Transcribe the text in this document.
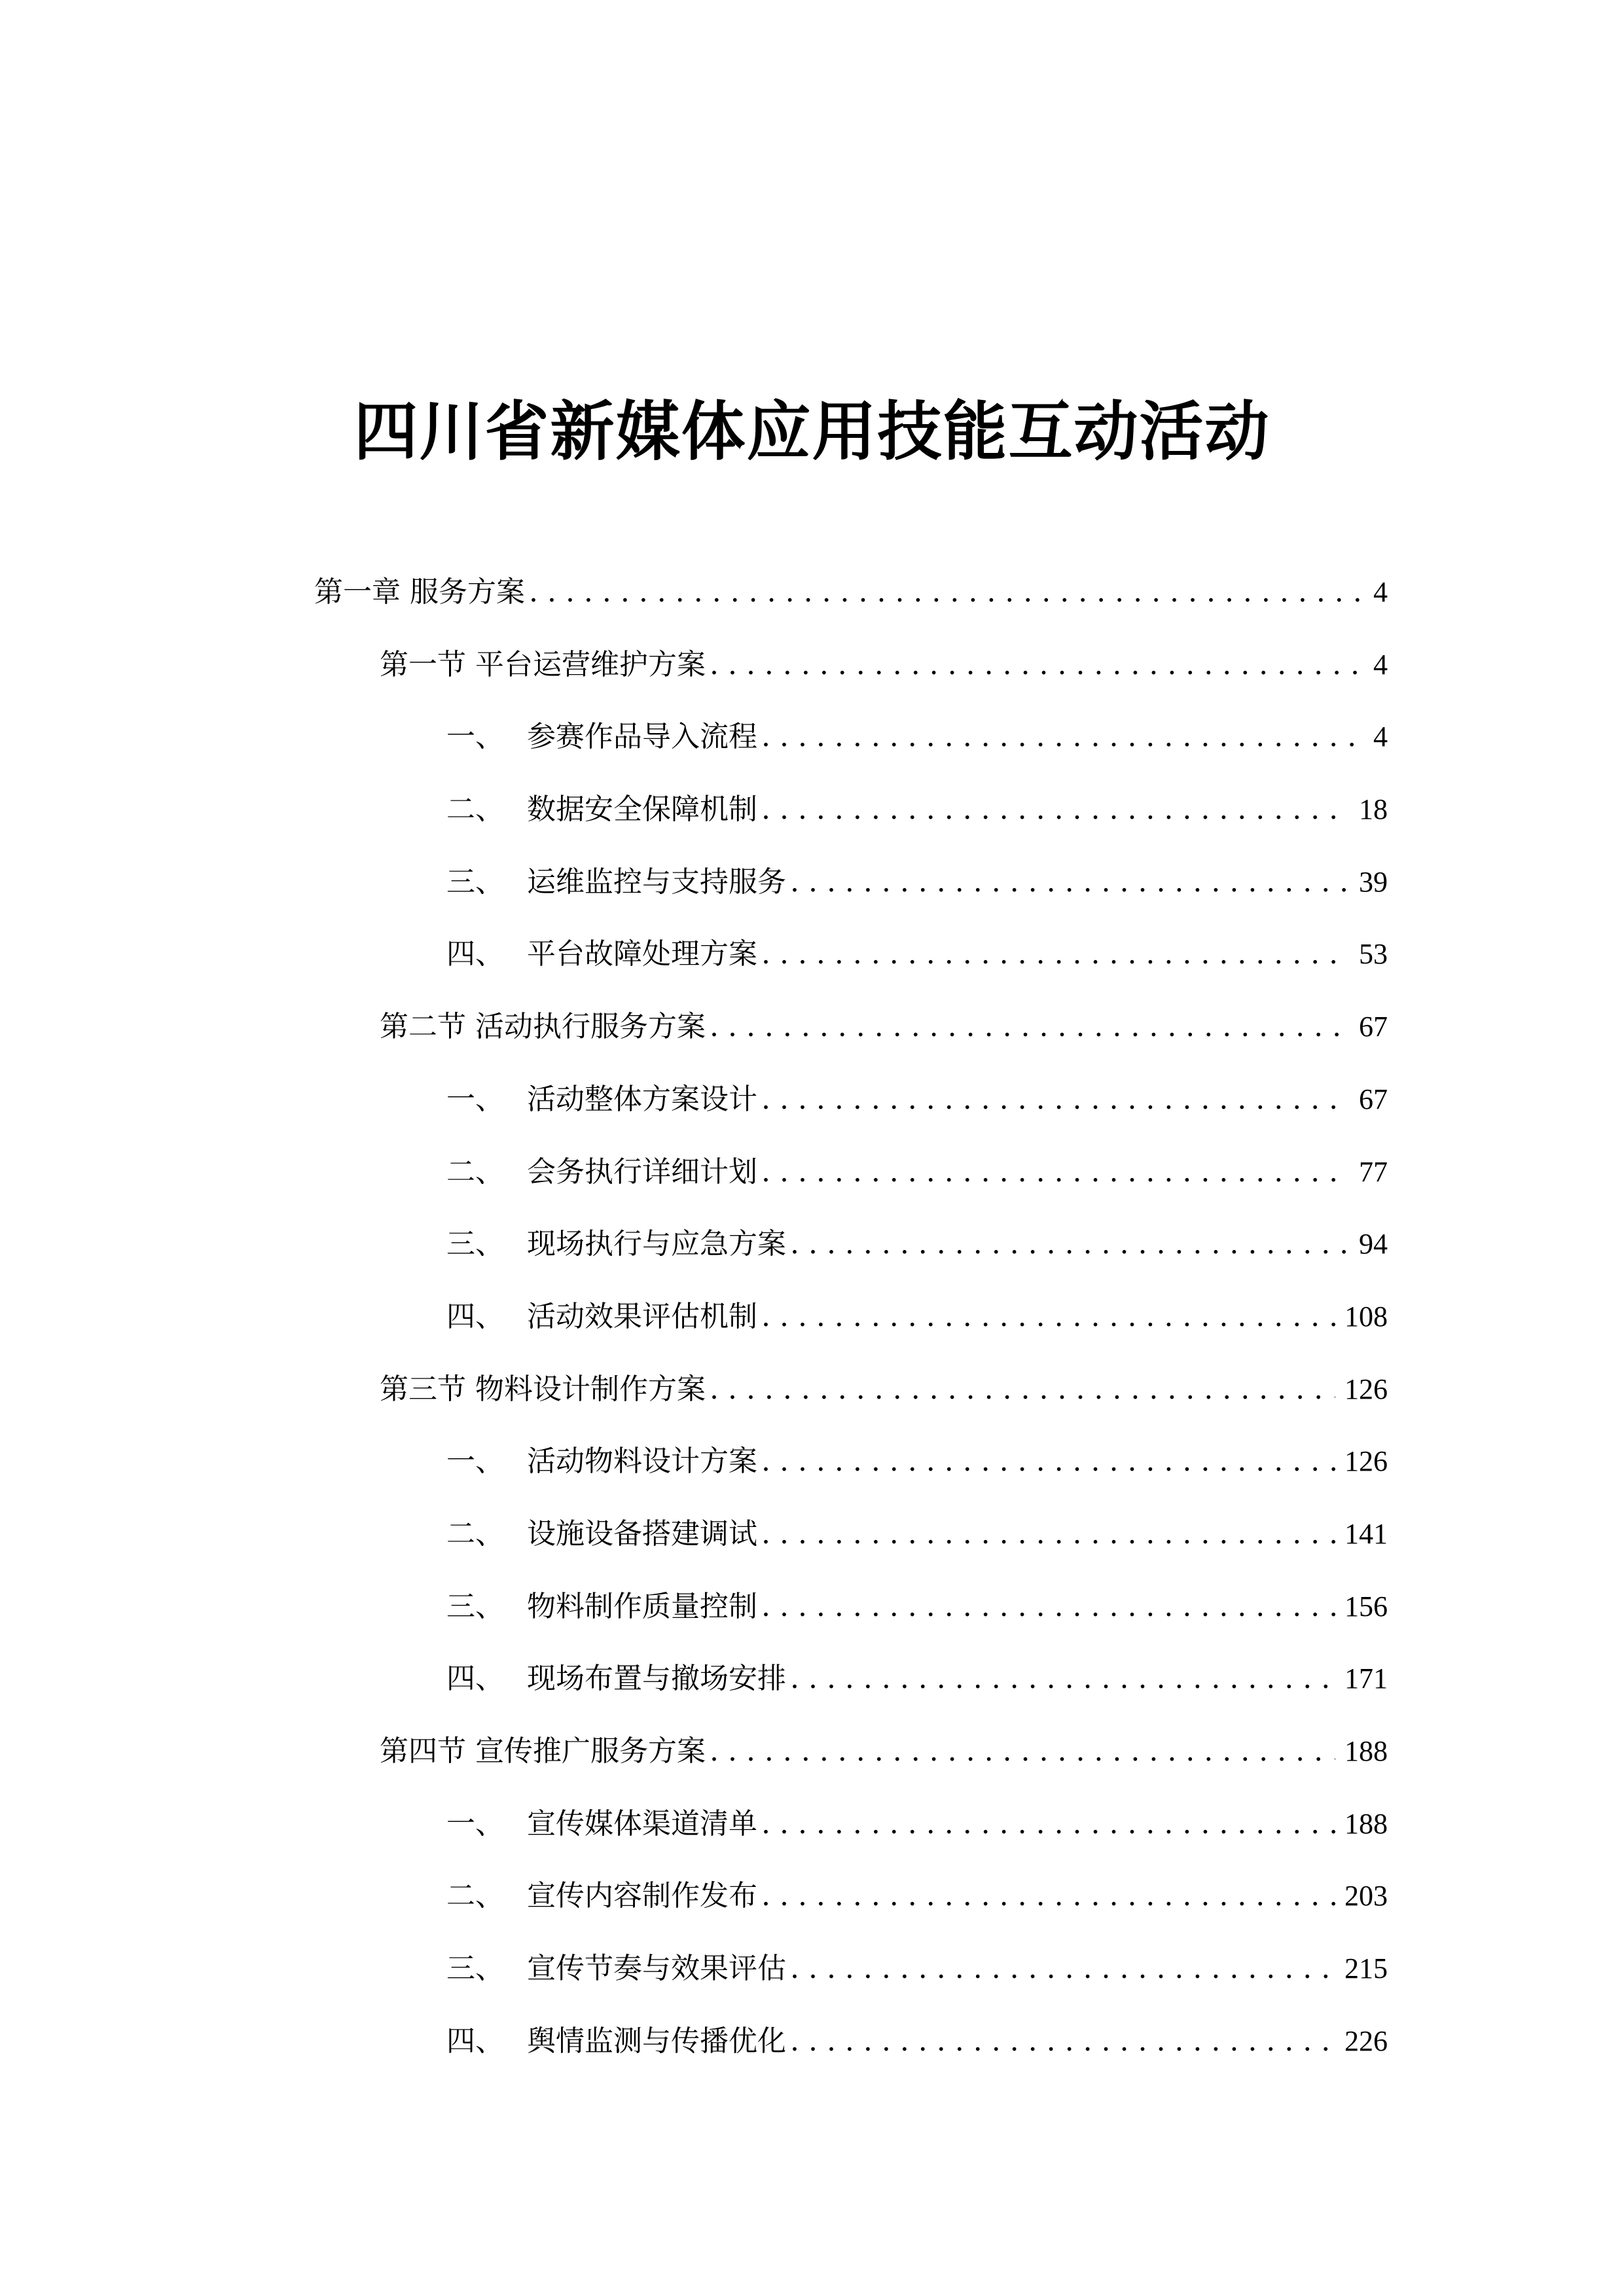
四川省新媒体应用技能互动活动
第一章 服务方案 . . .	4
第一节 平台运营维护方案 . . .	4
一、 参赛作品导入流程 . . .	4
二、 数据安全保障机制 . . .	18
三、 运维监控与支持服务 . . .	39
四、 平台故障处理方案 . . .	53
第二节 活动执行服务方案 . . .	67
一、 活动整体方案设计 . . .	67
二、 会务执行详细计划 . . .	77
三、 现场执行与应急方案 . . .	94
四、 活动效果评估机制 . . .	108
第三节 物料设计制作方案 . . .	126
一、 活动物料设计方案 . . .	126
二、 设施设备搭建调试 . . .	141
三、 物料制作质量控制 . . .	156
四、 现场布置与撤场安排 . . .	171
第四节 宣传推广服务方案 . . .	188
一、 宣传媒体渠道清单 . . .	188
二、 宣传内容制作发布 . . .	203
三、 宣传节奏与效果评估 . . .	215
四、 舆情监测与传播优化 . . .	226
